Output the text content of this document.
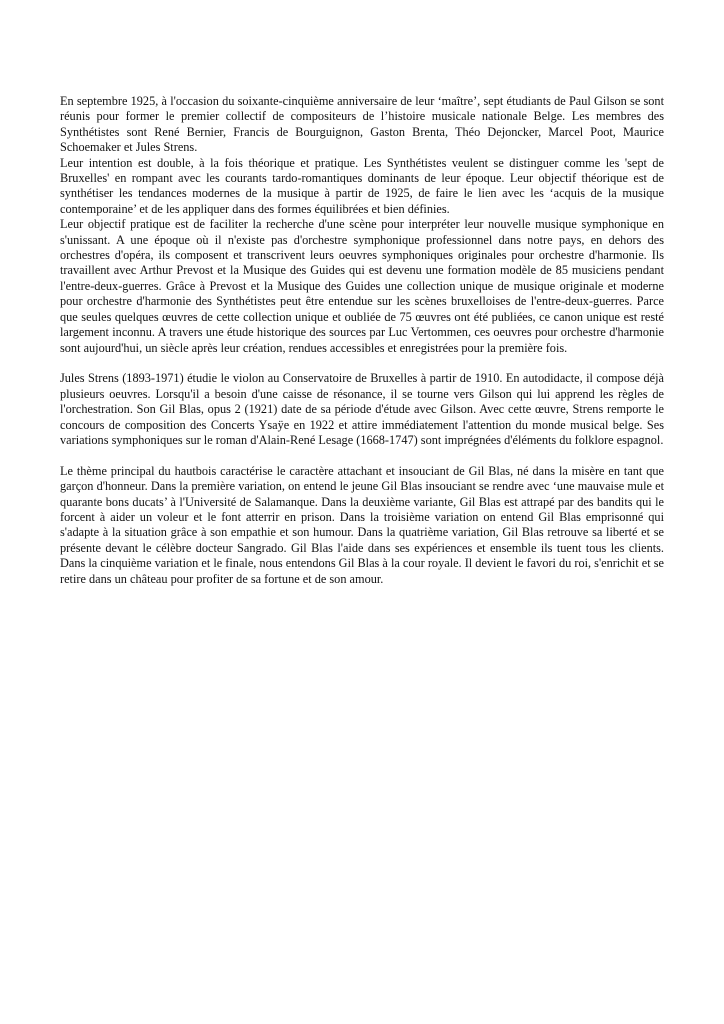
En septembre 1925, à l'occasion du soixante-cinquième anniversaire de leur ‘maître’, sept étudiants de Paul Gilson se sont réunis pour former le premier collectif de compositeurs de l’histoire musicale nationale Belge. Les membres des Synthétistes sont René Bernier, Francis de Bourguignon, Gaston Brenta, Théo Dejoncker, Marcel Poot, Maurice Schoemaker et Jules Strens.

Leur intention est double, à la fois théorique et pratique. Les Synthétistes veulent se distinguer comme les 'sept de Bruxelles' en rompant avec les courants tardo-romantiques dominants de leur époque. Leur objectif théorique est de synthétiser les tendances modernes de la musique à partir de 1925, de faire le lien avec les ‘acquis de la musique contemporaine’ et de les appliquer dans des formes équilibrées et bien définies.

Leur objectif pratique est de faciliter la recherche d'une scène pour interpréter leur nouvelle musique symphonique en s'unissant. A une époque où il n'existe pas d'orchestre symphonique professionnel dans notre pays, en dehors des orchestres d'opéra, ils composent et transcrivent leurs oeuvres symphoniques originales pour orchestre d'harmonie. Ils travaillent avec Arthur Prevost et la Musique des Guides qui est devenu une formation modèle de 85 musiciens pendant l'entre-deux-guerres. Grâce à Prevost et la Musique des Guides une collection unique de musique originale et moderne pour orchestre d'harmonie des Synthétistes peut être entendue sur les scènes bruxelloises de l'entre-deux-guerres. Parce que seules quelques œuvres de cette collection unique et oubliée de 75 œuvres ont été publiées, ce canon unique est resté largement inconnu. A travers une étude historique des sources par Luc Vertommen, ces oeuvres pour orchestre d'harmonie sont aujourd'hui, un siècle après leur création, rendues accessibles et enregistrées pour la première fois.

Jules Strens (1893-1971) étudie le violon au Conservatoire de Bruxelles à partir de 1910. En autodidacte, il compose déjà plusieurs oeuvres. Lorsqu'il a besoin d'une caisse de résonance, il se tourne vers Gilson qui lui apprend les règles de l'orchestration. Son Gil Blas, opus 2 (1921) date de sa période d'étude avec Gilson. Avec cette œuvre, Strens remporte le concours de composition des Concerts Ysaÿe en 1922 et attire immédiatement l'attention du monde musical belge. Ses variations symphoniques sur le roman d'Alain-René Lesage (1668-1747) sont imprégnées d'éléments du folklore espagnol.

Le thème principal du hautbois caractérise le caractère attachant et insouciant de Gil Blas, né dans la misère en tant que garçon d'honneur. Dans la première variation, on entend le jeune Gil Blas insouciant se rendre avec ‘une mauvaise mule et quarante bons ducats’ à l'Université de Salamanque. Dans la deuxième variante, Gil Blas est attrapé par des bandits qui le forcent à aider un voleur et le font atterrir en prison. Dans la troisième variation on entend Gil Blas emprisonné qui s'adapte à la situation grâce à son empathie et son humour. Dans la quatrième variation, Gil Blas retrouve sa liberté et se présente devant le célèbre docteur Sangrado. Gil Blas l'aide dans ses expériences et ensemble ils tuent tous les clients. Dans la cinquième variation et le finale, nous entendons Gil Blas à la cour royale. Il devient le favori du roi, s'enrichit et se retire dans un château pour profiter de sa fortune et de son amour.
